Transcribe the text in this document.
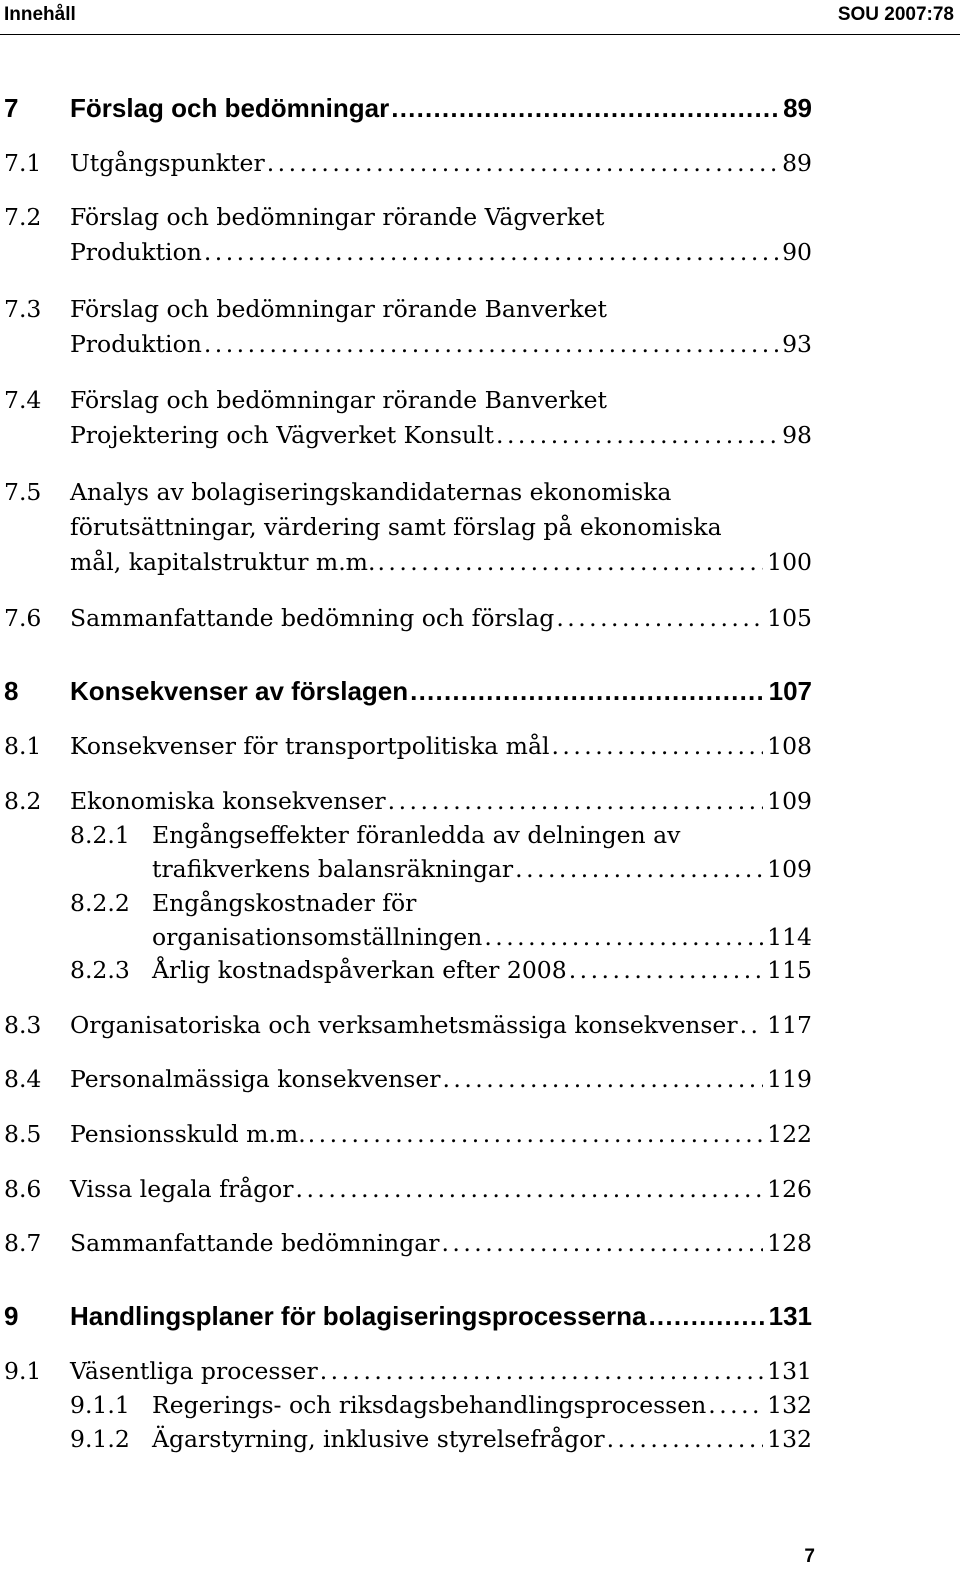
Innehåll	SOU 2007:78
7 Förslag och bedömningar . . .	89
7.1 Utgångspunkter . . .	89
7.2 Förslag och bedömningar rörande Vägverket
Produktion . . .	90
7.3 Förslag och bedömningar rörande Banverket
Produktion . . .	93
7.4 Förslag och bedömningar rörande Banverket
Projektering och Vägverket Konsult . . .	98
7.5 Analys av bolagiseringskandidaternas ekonomiska
förutsättningar, värdering samt förslag på ekonomiska
mål, kapitalstruktur m.m. . . .	100
7.6 Sammanfattande bedömning och förslag . . .	105
8 Konsekvenser av förslagen . . .	107
8.1 Konsekvenser för transportpolitiska mål . . .	108
8.2 Ekonomiska konsekvenser . . .	109
8.2.1 Engångseffekter föranledda av delningen av
trafikverkens balansräkningar . . .	109
8.2.2 Engångskostnader för
organisationsomställningen . . .	114
8.2.3 Årlig kostnadspåverkan efter 2008 . . .	115
8.3 Organisatoriska och verksamhetsmässiga konsekvenser . . . 117
8.4 Personalmässiga konsekvenser . . .	119
8.5 Pensionsskuld m.m. . . .	122
8.6 Vissa legala frågor . . .	126
8.7 Sammanfattande bedömningar . . .	128
9 Handlingsplaner för bolagiseringsprocesserna . . .	131
9.1 Väsentliga processer . . .	131
9.1.1 Regerings- och riksdagsbehandlingsprocessen . . .	132
9.1.2 Ägarstyrning, inklusive styrelsefrågor . . .	132
7
